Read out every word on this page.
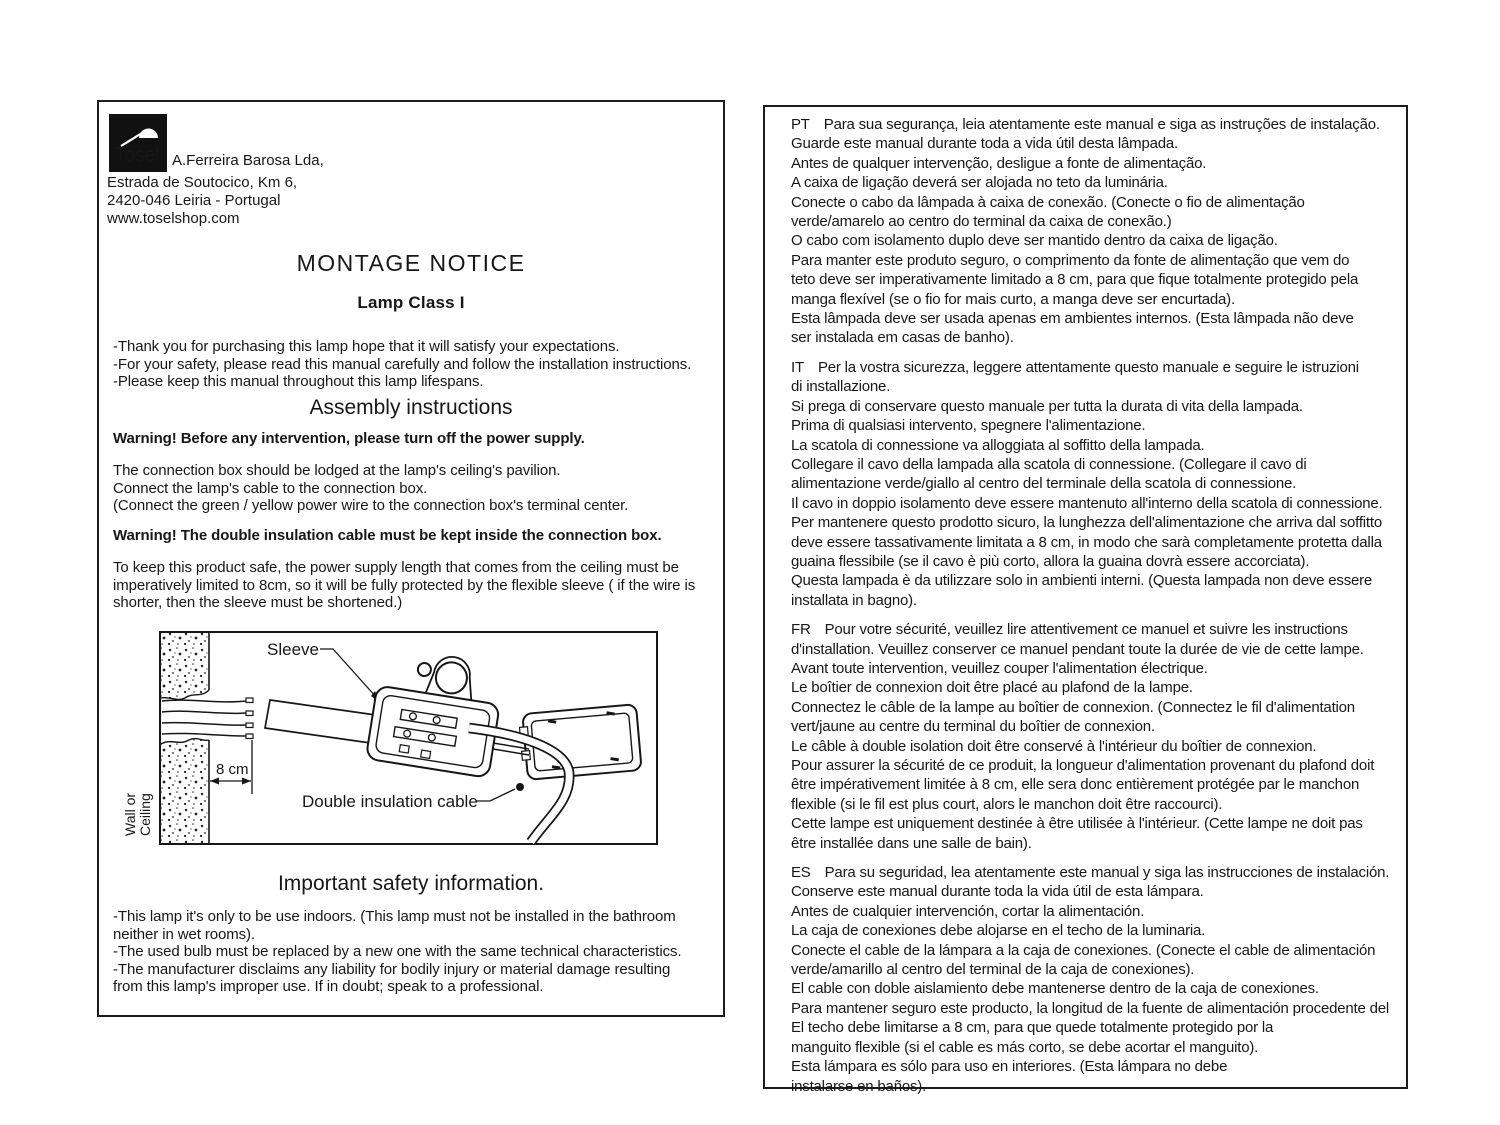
Tosel A.Ferreira Barosa Lda,
Estrada de Soutocico, Km 6,
2420-046 Leiria - Portugal
www.toselshop.com
MONTAGE NOTICE
Lamp Class I
-Thank you for purchasing this lamp hope that it will satisfy your expectations.
-For your safety, please read this manual carefully and follow the installation instructions.
-Please keep this manual throughout this lamp lifespans.
Assembly instructions
Warning! Before any intervention, please turn off the power supply.
The connection box should be lodged at the lamp's ceiling's pavilion.
Connect the lamp's cable to the connection box.
(Connect the green / yellow power wire to the connection box's terminal center.
Warning! The double insulation cable must be kept inside the connection box.
To keep this product safe, the power supply length that comes from the ceiling must be
imperatively limited to 8cm, so it will be fully protected by the flexible sleeve ( if the wire is
shorter, then the sleeve must be shortened.)
8 cm
Wall or Ceiling
Sleeve
Double insulation cable
Important safety information.
-This lamp it's only to be use indoors. (This lamp must not be installed in the bathroom
neither in wet rooms).
-The used bulb must be replaced by a new one with the same technical characteristics.
-The manufacturer disclaims any liability for bodily injury or material damage resulting
from this lamp's improper use. If in doubt; speak to a professional.
PT Para sua segurança, leia atentamente este manual e siga as instruções de instalação.
Guarde este manual durante toda a vida útil desta lâmpada.
Antes de qualquer intervenção, desligue a fonte de alimentação.
A caixa de ligação deverá ser alojada no teto da luminária.
Conecte o cabo da lâmpada à caixa de conexão. (Conecte o fio de alimentação
verde/amarelo ao centro do terminal da caixa de conexão.)
O cabo com isolamento duplo deve ser mantido dentro da caixa de ligação.
Para manter este produto seguro, o comprimento da fonte de alimentação que vem do
teto deve ser imperativamente limitado a 8 cm, para que fique totalmente protegido pela
manga flexível (se o fio for mais curto, a manga deve ser encurtada).
Esta lâmpada deve ser usada apenas em ambientes internos. (Esta lâmpada não deve
ser instalada em casas de banho).
IT Per la vostra sicurezza, leggere attentamente questo manuale e seguire le istruzioni
di installazione.
Si prega di conservare questo manuale per tutta la durata di vita della lampada.
Prima di qualsiasi intervento, spegnere l'alimentazione.
La scatola di connessione va alloggiata al soffitto della lampada.
Collegare il cavo della lampada alla scatola di connessione. (Collegare il cavo di
alimentazione verde/giallo al centro del terminale della scatola di connessione.
Il cavo in doppio isolamento deve essere mantenuto all'interno della scatola di connessione.
Per mantenere questo prodotto sicuro, la lunghezza dell'alimentazione che arriva dal soffitto
deve essere tassativamente limitata a 8 cm, in modo che sarà completamente protetta dalla
guaina flessibile (se il cavo è più corto, allora la guaina dovrà essere accorciata).
Questa lampada è da utilizzare solo in ambienti interni. (Questa lampada non deve essere
installata in bagno).
FR Pour votre sécurité, veuillez lire attentivement ce manuel et suivre les instructions
d'installation. Veuillez conserver ce manuel pendant toute la durée de vie de cette lampe.
Avant toute intervention, veuillez couper l'alimentation électrique.
Le boîtier de connexion doit être placé au plafond de la lampe.
Connectez le câble de la lampe au boîtier de connexion. (Connectez le fil d'alimentation
vert/jaune au centre du terminal du boîtier de connexion.
Le câble à double isolation doit être conservé à l'intérieur du boîtier de connexion.
Pour assurer la sécurité de ce produit, la longueur d'alimentation provenant du plafond doit
être impérativement limitée à 8 cm, elle sera donc entièrement protégée par le manchon
flexible (si le fil est plus court, alors le manchon doit être raccourci).
Cette lampe est uniquement destinée à être utilisée à l'intérieur. (Cette lampe ne doit pas
être installée dans une salle de bain).
ES Para su seguridad, lea atentamente este manual y siga las instrucciones de instalación.
Conserve este manual durante toda la vida útil de esta lámpara.
Antes de cualquier intervención, cortar la alimentación.
La caja de conexiones debe alojarse en el techo de la luminaria.
Conecte el cable de la lámpara a la caja de conexiones. (Conecte el cable de alimentación
verde/amarillo al centro del terminal de la caja de conexiones).
El cable con doble aislamiento debe mantenerse dentro de la caja de conexiones.
Para mantener seguro este producto, la longitud de la fuente de alimentación procedente del
El techo debe limitarse a 8 cm, para que quede totalmente protegido por la
manguito flexible (si el cable es más corto, se debe acortar el manguito).
Esta lámpara es sólo para uso en interiores. (Esta lámpara no debe
instalarse en baños).
